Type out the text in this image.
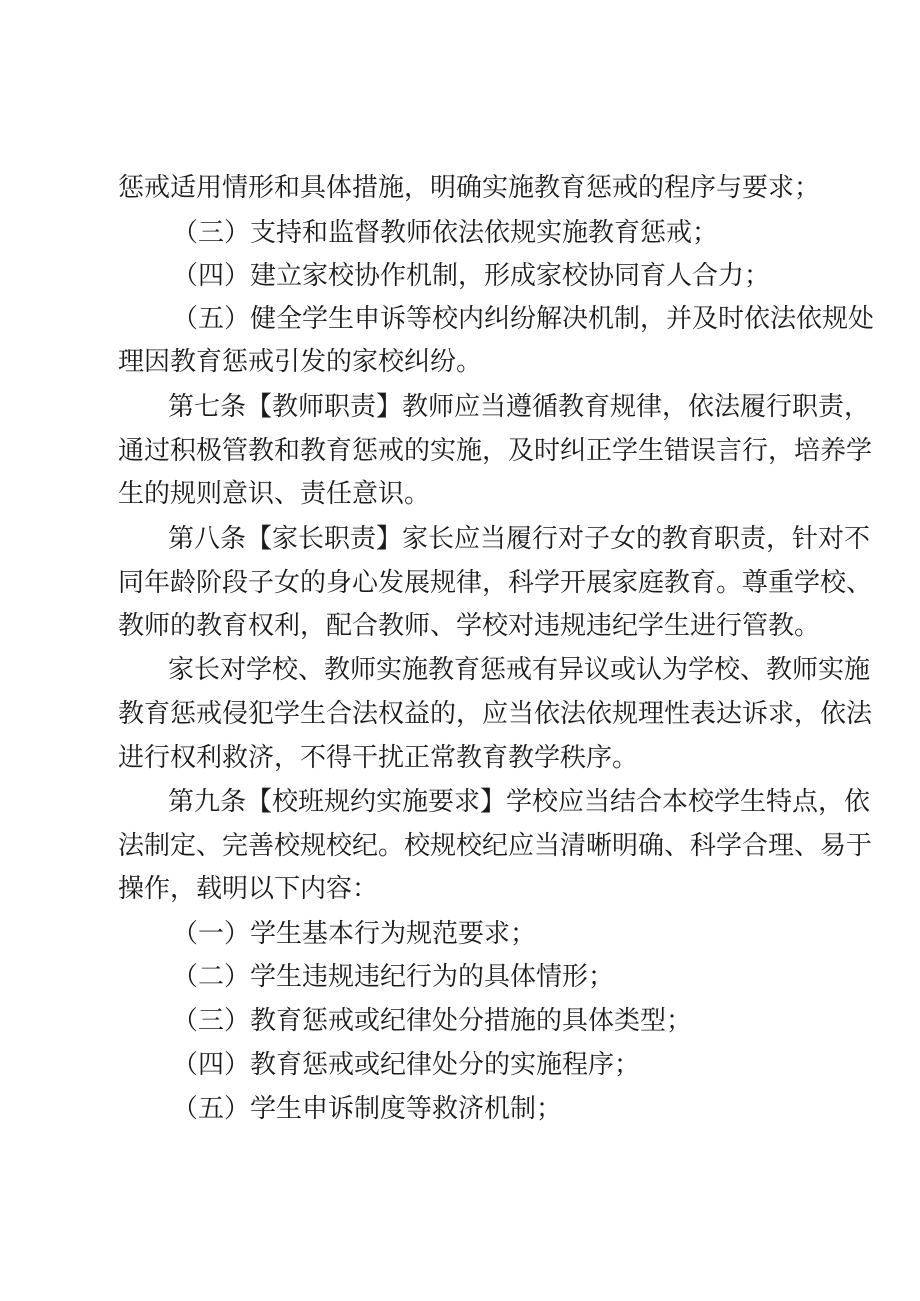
惩戒适用情形和具体措施，明确实施教育惩戒的程序与要求；
（三）支持和监督教师依法依规实施教育惩戒；
（四）建立家校协作机制，形成家校协同育人合力；
（五）健全学生申诉等校内纠纷解决机制，并及时依法依规处
理因教育惩戒引发的家校纠纷。
第七条【教师职责】教师应当遵循教育规律，依法履行职责，
通过积极管教和教育惩戒的实施，及时纠正学生错误言行，培养学
生的规则意识、责任意识。
第八条【家长职责】家长应当履行对子女的教育职责，针对不
同年龄阶段子女的身心发展规律，科学开展家庭教育。尊重学校、
教师的教育权利，配合教师、学校对违规违纪学生进行管教。
家长对学校、教师实施教育惩戒有异议或认为学校、教师实施
教育惩戒侵犯学生合法权益的，应当依法依规理性表达诉求，依法
进行权利救济，不得干扰正常教育教学秩序。
第九条【校班规约实施要求】学校应当结合本校学生特点，依
法制定、完善校规校纪。校规校纪应当清晰明确、科学合理、易于
操作，载明以下内容：
（一）学生基本行为规范要求；
（二）学生违规违纪行为的具体情形；
（三）教育惩戒或纪律处分措施的具体类型；
（四）教育惩戒或纪律处分的实施程序；
（五）学生申诉制度等救济机制；
